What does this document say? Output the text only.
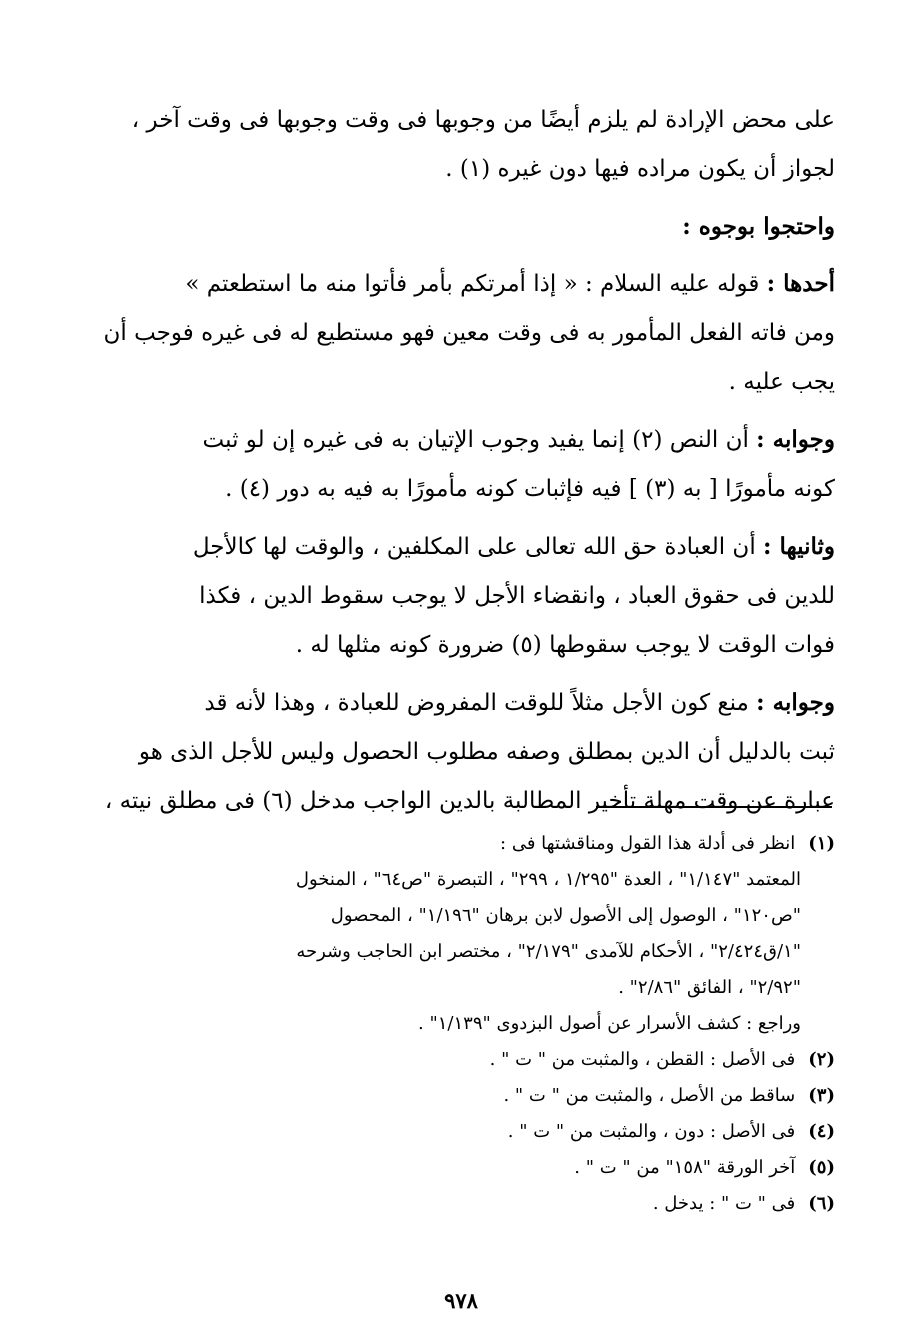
على محض الإرادة لم يلزم أيضًا من وجوبها فى وقت وجوبها فى وقت آخر ،
لجواز أن يكون مراده فيها دون غيره (١) .
واحتجوا بوجوه :
أحدها : قوله عليه السلام : « إذا أمرتكم بأمر فأتوا منه ما استطعتم »
ومن فاته الفعل المأمور به فى وقت معين فهو مستطيع له فى غيره فوجب أن
يجب عليه .
وجوابه : أن النص (٢) إنما يفيد وجوب الإتيان به فى غيره إن لو ثبت
كونه مأمورًا [ به (٣) ] فيه فإثبات كونه مأمورًا به فيه به دور (٤) .
وثانيها : أن العبادة حق الله تعالى على المكلفين ، والوقت لها كالأجل
للدين فى حقوق العباد ، وانقضاء الأجل لا يوجب سقوط الدين ، فكذا
فوات الوقت لا يوجب سقوطها (٥) ضرورة كونه مثلها له .
وجوابه : منع كون الأجل مثلاً للوقت المفروض للعبادة ، وهذا لأنه قد
ثبت بالدليل أن الدين بمطلق وصفه مطلوب الحصول وليس للأجل الذى هو
عبارة عن وقت مهلة تأخير المطالبة بالدين الواجب مدخل (٦) فى مطلق نيته ،
(١) انظر فى أدلة هذا القول ومناقشتها فى :
المعتمد "١/١٤٧" ، العدة "١/٢٩٥ ، ٢٩٩" ، التبصرة "ص٦٤" ، المنخول
"ص١٢٠" ، الوصول إلى الأصول لابن برهان "١/١٩٦" ، المحصول
"١/ق٢/٤٢٤" ، الأحكام للآمدى "٢/١٧٩" ، مختصر ابن الحاجب وشرحه
"٢/٩٢" ، الفائق "٢/٨٦" .
وراجع : كشف الأسرار عن أصول البزدوى "١/١٣٩" .
(٢) فى الأصل : القطن ، والمثبت من " ت " .
(٣) ساقط من الأصل ، والمثبت من " ت " .
(٤) فى الأصل : دون ، والمثبت من " ت " .
(٥) آخر الورقة "١٥٨" من " ت " .
(٦) فى " ت " : يدخل .
٩٧٨
